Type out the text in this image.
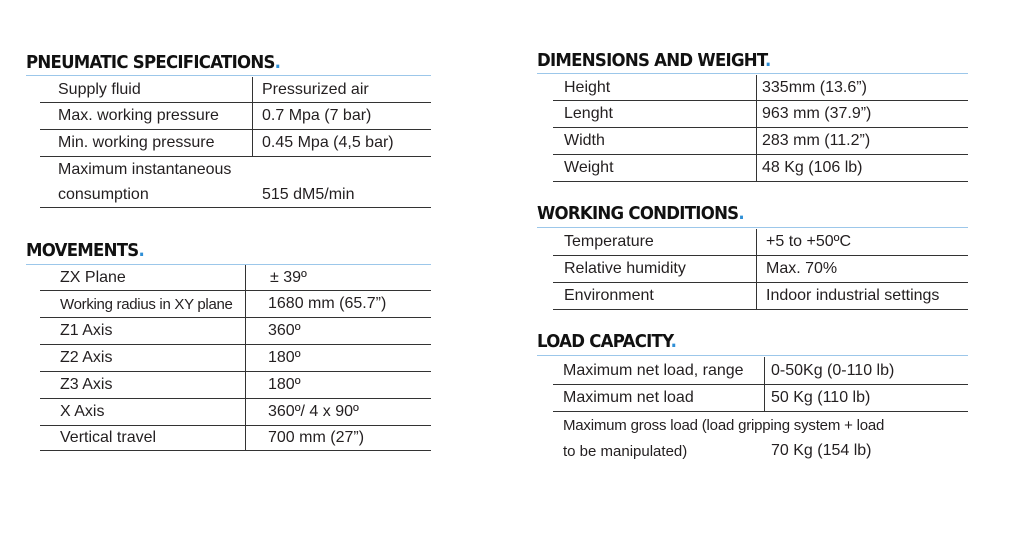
PNEUMATIC SPECIFICATIONS.
Supply fluid	Pressurized air
Max. working pressure	0.7 Mpa (7 bar)
Min. working pressure	0.45 Mpa (4,5 bar)
Maximum instantaneous
consumption	515 dM5/min
MOVEMENTS.
ZX Plane	± 39º
Working radius in XY plane 1680 mm (65.7”)
Z1 Axis	360º
Z2 Axis	180º
Z3 Axis	180º
X Axis	360º/ 4 x 90º
Vertical travel	700 mm (27”)
DIMENSIONS AND WEIGHT.
Height	335mm (13.6”)
Lenght	963 mm (37.9”)
Width	283 mm (11.2”)
Weight	48 Kg (106 lb)
WORKING CONDITIONS.
Temperature	+5 to +50ºC
Relative humidity	Max. 70%
Environment	Indoor industrial settings
LOAD CAPACITY.
Maximum net load, range 0-50Kg (0-110 lb)
Maximum net load	50 Kg (110 lb)
Maximum gross load (load gripping system + load
to be manipulated)	70 Kg (154 lb)
